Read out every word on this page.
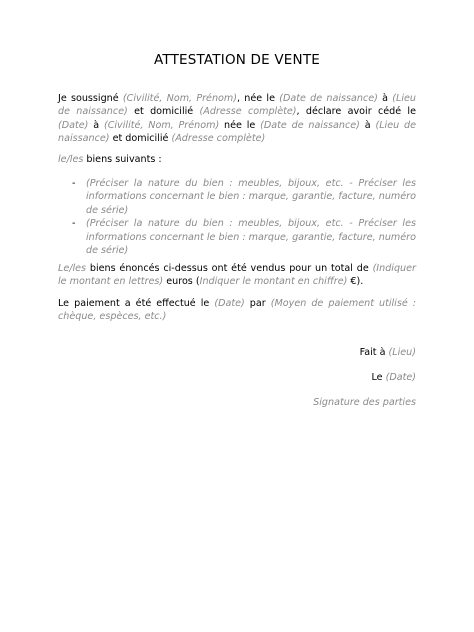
ATTESTATION DE VENTE

Je soussigné (Civilité, Nom, Prénom), née le (Date de naissance) à (Lieu de naissance) et domicilié (Adresse complète), déclare avoir cédé le (Date) à (Civilité, Nom, Prénom) née le (Date de naissance) à (Lieu de naissance) et domicilié (Adresse complète)

le/les biens suivants :

- (Préciser la nature du bien : meubles, bijoux, etc. - Préciser les informations concernant le bien : marque, garantie, facture, numéro de série)
- (Préciser la nature du bien : meubles, bijoux, etc. - Préciser les informations concernant le bien : marque, garantie, facture, numéro de série)

Le/les biens énoncés ci-dessus ont été vendus pour un total de (Indiquer le montant en lettres) euros (Indiquer le montant en chiffre) €).

Le paiement a été effectué le (Date) par (Moyen de paiement utilisé : chèque, espèces, etc.)

Fait à (Lieu)
Le (Date)
Signature des parties
